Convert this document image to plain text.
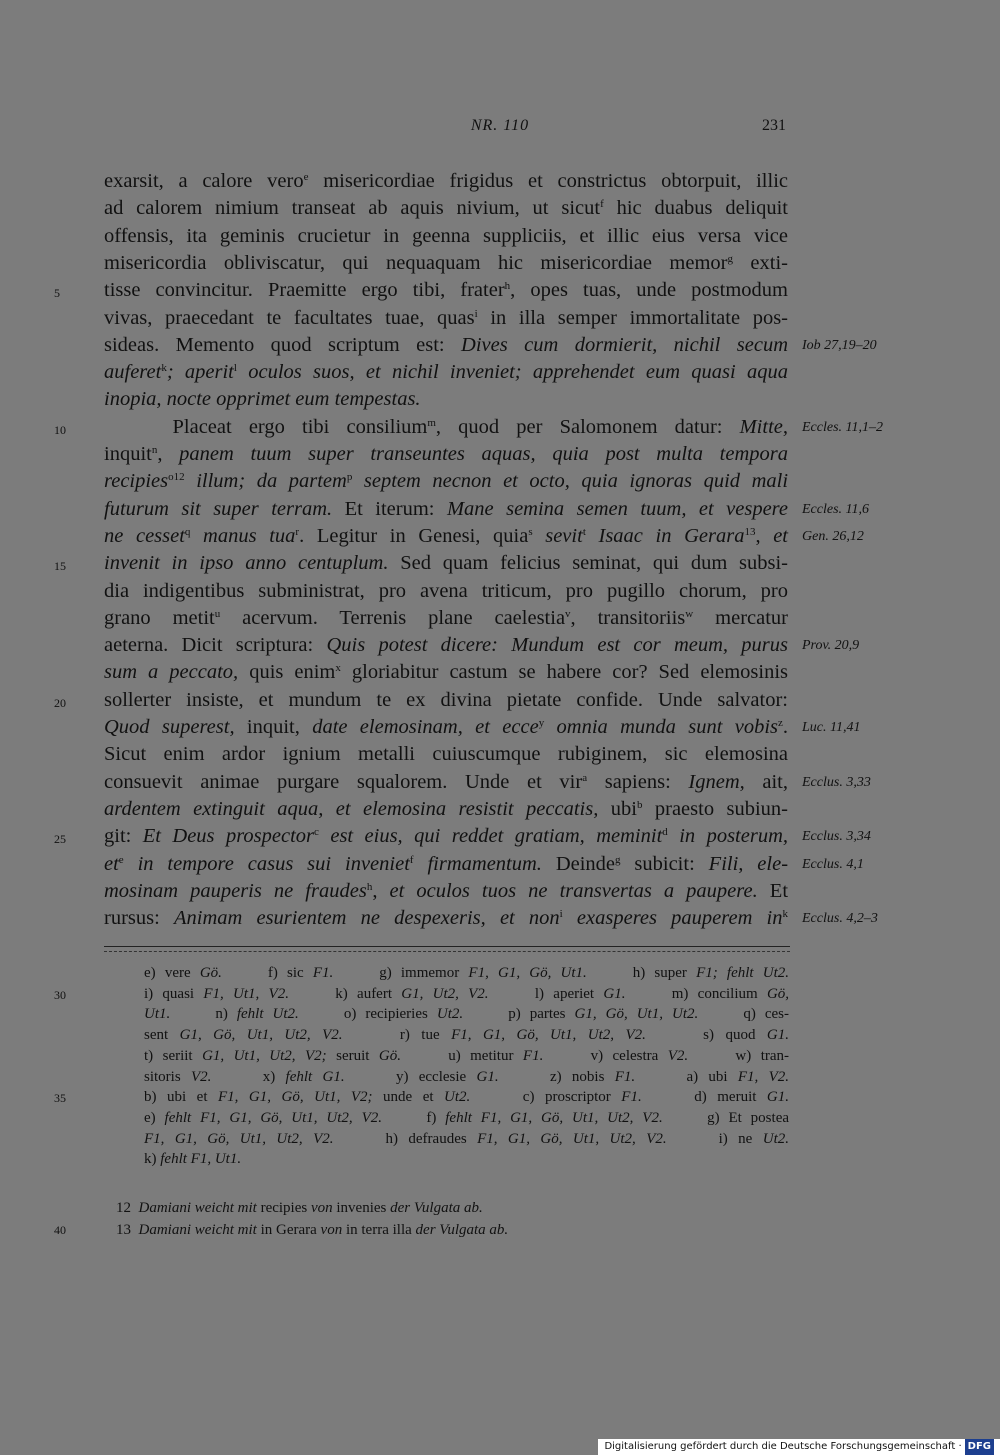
NR. 110	231
exarsit, a calore vero$^e$ misericordiae frigidus et constrictus obtorpuit, illic
ad calorem nimium transeat ab aquis nivium, ut sicut$^f$ hic duabus deliquit
offensis, ita geminis crucietur in geenna suppliciis, et illic eius versa vice
misericordia obliviscatur, qui nequaquam hic misericordiae memor$^g$ exti-
tisse convincitur. Praemitte ergo tibi, frater$^h$, opes tuas, unde postmodum
5
vivas, praecedant te facultates tuae, quas$^i$ in illa semper immortalitate pos-
sideas. Memento quod scriptum est: Dives cum dormierit, nichil secum Iob 27,19–20
auferet$^k$; aperit$^l$ oculos suos, et nichil inveniet; apprehendet eum quasi aqua
inopia, nocte opprimet eum tempestas.
Placeat ergo tibi consilium$^m$, quod per Salomonem datur: Mitte,
10	Eccles. 11,1–2
inquit$^n$, panem tuum super transeuntes aquas, quia post multa tempora
recipies$^{o12}$ illum; da partem$^p$ septem necnon et octo, quia ignoras quid mali
futurum sit super terram. Et iterum: Mane semina semen tuum, et vespere Eccles. 11,6
ne cesset$^q$ manus tua$^r$. Legitur in Genesi, quia$^s$ sevit$^t$ Isaac in Gerara$^{13}$, et Gen. 26,12
invenit in ipso anno centuplum. Sed quam felicius seminat, qui dum subsi-
15
dia indigentibus subministrat, pro avena triticum, pro pugillo chorum, pro
grano metit$^u$ acervum. Terrenis plane caelestia$^v$, transitoriis$^w$ mercatur
aeterna. Dicit scriptura: Quis potest dicere: Mundum est cor meum, purus Prov. 20,9
sum a peccato, quis enim$^x$ gloriabitur castum se habere cor? Sed elemosinis
sollerter insiste, et mundum te ex divina pietate confide. Unde salvator:
20
Quod superest, inquit, date elemosinam, et ecce$^y$ omnia munda sunt vobis$^z$. Luc. 11,41
Sicut enim ardor ignium metalli cuiuscumque rubiginem, sic elemosina
consuevit animae purgare squalorem. Unde et vir$^a$ sapiens: Ignem, ait, Ecclus. 3,33
ardentem extinguit aqua, et elemosina resistit peccatis, ubi$^b$ praesto subiun-
git: Et Deus prospector$^c$ est eius, qui reddet gratiam, meminit$^d$ in posterum,
25	Ecclus. 3,34
$et^e$ in tempore casus sui inveniet$^f$ firmamentum. Deinde$^g$ subicit: Fili, ele- Ecclus. 4,1
mosinam pauperis ne fraudes$^h$, et oculos tuos ne transvertas a paupere. Et
rursus: Animam esurientem ne despexeris, et non$^i$ exasperes pauperem $in^k$ Ecclus. 4,2–3
e) vere Gö.     f) sic F1.     g) immemor F1, G1, Gö, Ut1.     h) super F1; fehlt Ut2.
i) quasi F1, Ut1, V2.     k) aufert G1, Ut2, V2.     l) aperiet G1.     m) concilium Gö,
30
Ut1.     n) fehlt Ut2.     o) recipieries Ut2.     p) partes G1, Gö, Ut1, Ut2.     q) ces-
sent G1, Gö, Ut1, Ut2, V2.     r) tue F1, G1, Gö, Ut1, Ut2, V2.     s) quod G1.
t) seriit G1, Ut1, Ut2, V2; seruit Gö.     u) metitur F1.     v) celestra V2.     w) tran-
sitoris V2.     x) fehlt G1.     y) ecclesie G1.     z) nobis F1.     a) ubi F1, V2.
b) ubi et F1, G1, Gö, Ut1, V2; unde et Ut2.     c) proscriptor F1.     d) meruit G1.
35
e) fehlt F1, G1, Gö, Ut1, Ut2, V2.     f) fehlt F1, G1, Gö, Ut1, Ut2, V2.     g) Et postea
F1, G1, Gö, Ut1, Ut2, V2.     h) defraudes F1, G1, Gö, Ut1, Ut2, V2.     i) ne Ut2.
k) fehlt F1, Ut1.
12  Damiani weicht mit recipies von invenies der Vulgata ab.
13  Damiani weicht mit in Gerara von in terra illa der Vulgata ab.
40
Digitalisierung gefördert durch die Deutsche Forschungsgemeinschaft · DFG
